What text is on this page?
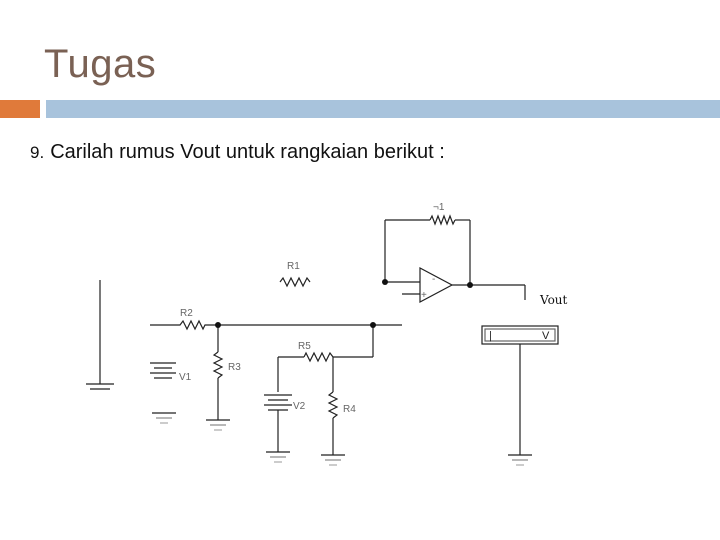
Tugas
9. Carilah rumus Vout untuk rangkaian berikut :
¬1
R1
R2
R3
R4
R5
V1
V2
-
+	Vout
|	V
